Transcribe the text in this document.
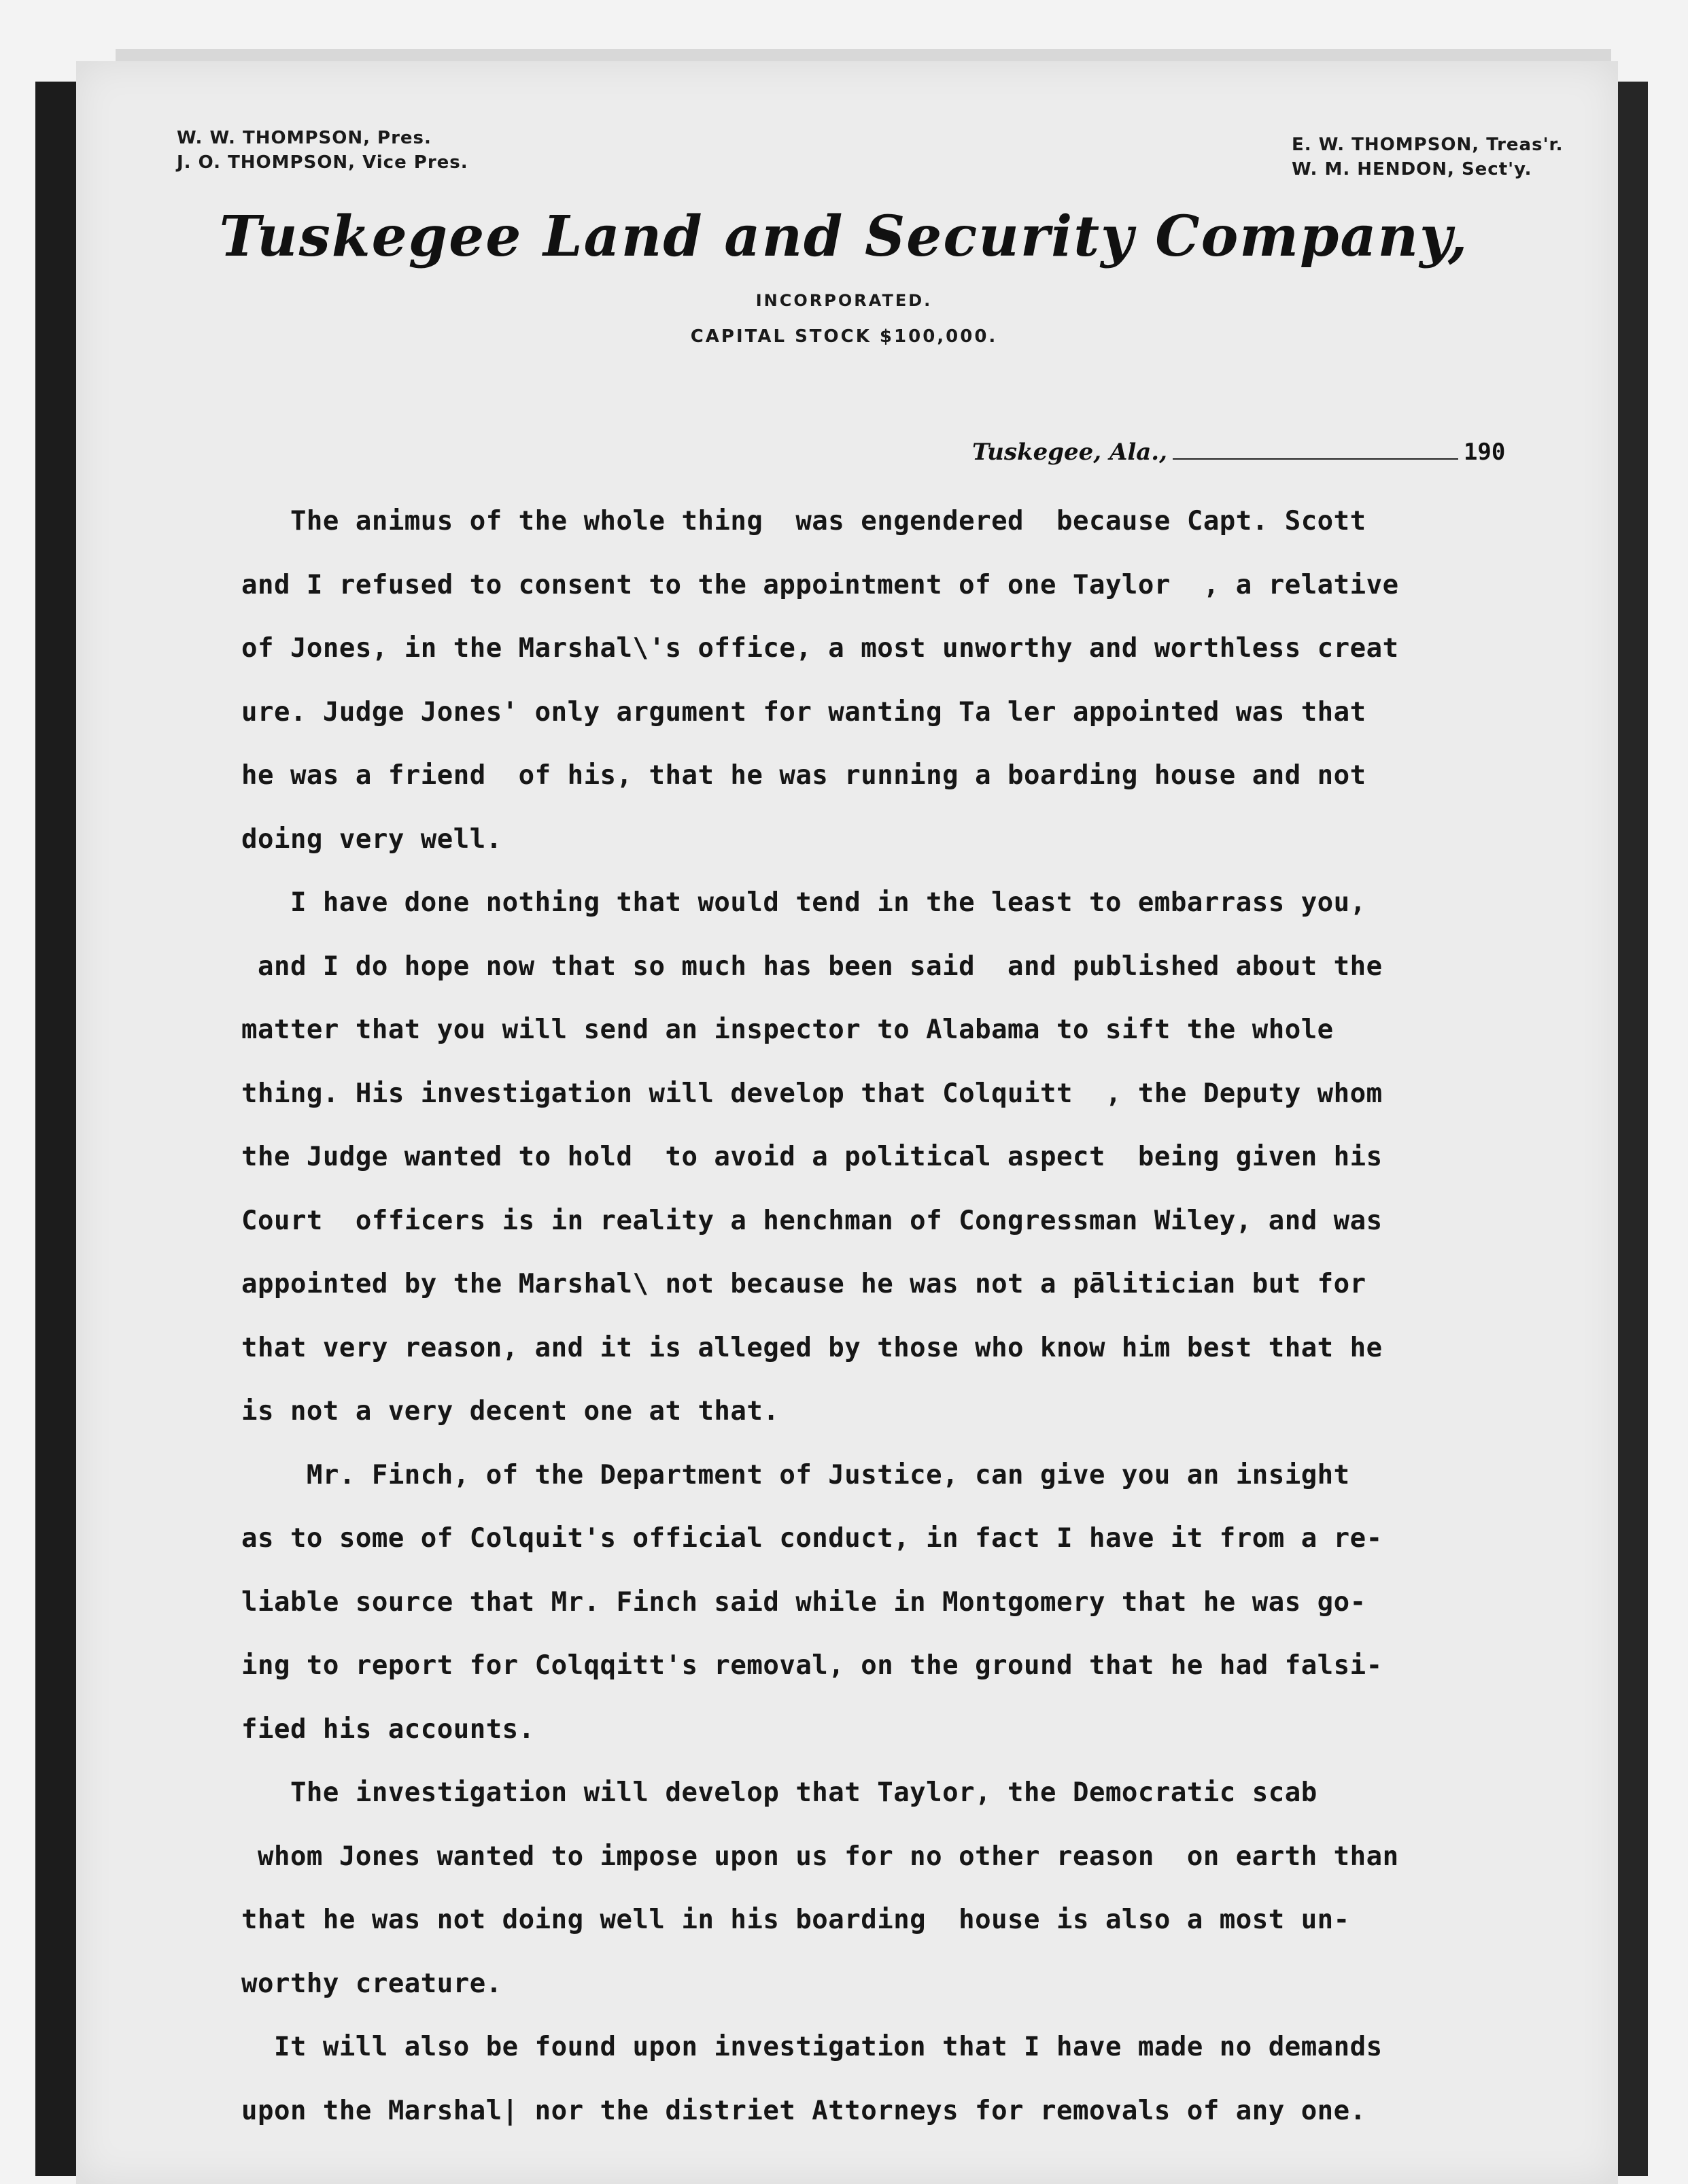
W. W. THOMPSON, Pres.
J. O. THOMPSON, Vice Pres.
E. W. THOMPSON, Treas'r.
W. M. HENDON, Sect'y.
Tuskegee Land and Security Company,
INCORPORATED.
CAPITAL STOCK $100,000.
Tuskegee, Ala.,	190
The animus of the whole thing  was engendered  because Capt. Scott
and I refused to consent to the appointment of one Taylor  , a relative
of Jones, in the Marshal\'s office, a most unworthy and worthless creat
ure. Judge Jones' only argument for wanting Ta ler appointed was that
he was a friend  of his, that he was running a boarding house and not
doing very well.
I have done nothing that would tend in the least to embarrass you,
and I do hope now that so much has been said  and published about the
matter that you will send an inspector to Alabama to sift the whole
thing. His investigation will develop that Colquitt  , the Deputy whom
the Judge wanted to hold  to avoid a political aspect  being given his
Court  officers is in reality a henchman of Congressman Wiley, and was
appointed by the Marshal\ not because he was not a pālitician but for
that very reason, and it is alleged by those who know him best that he
is not a very decent one at that.
Mr. Finch, of the Department of Justice, can give you an insight
as to some of Colquit's official conduct, in fact I have it from a re-
liable source that Mr. Finch said while in Montgomery that he was go-
ing to report for Colqqitt's removal, on the ground that he had falsi-
fied his accounts.
The investigation will develop that Taylor, the Democratic scab
whom Jones wanted to impose upon us for no other reason  on earth than
that he was not doing well in his boarding  house is also a most un-
worthy creature.
It will also be found upon investigation that I have made no demands
upon the Marshal| nor the distriet Attorneys for removals of any one.
